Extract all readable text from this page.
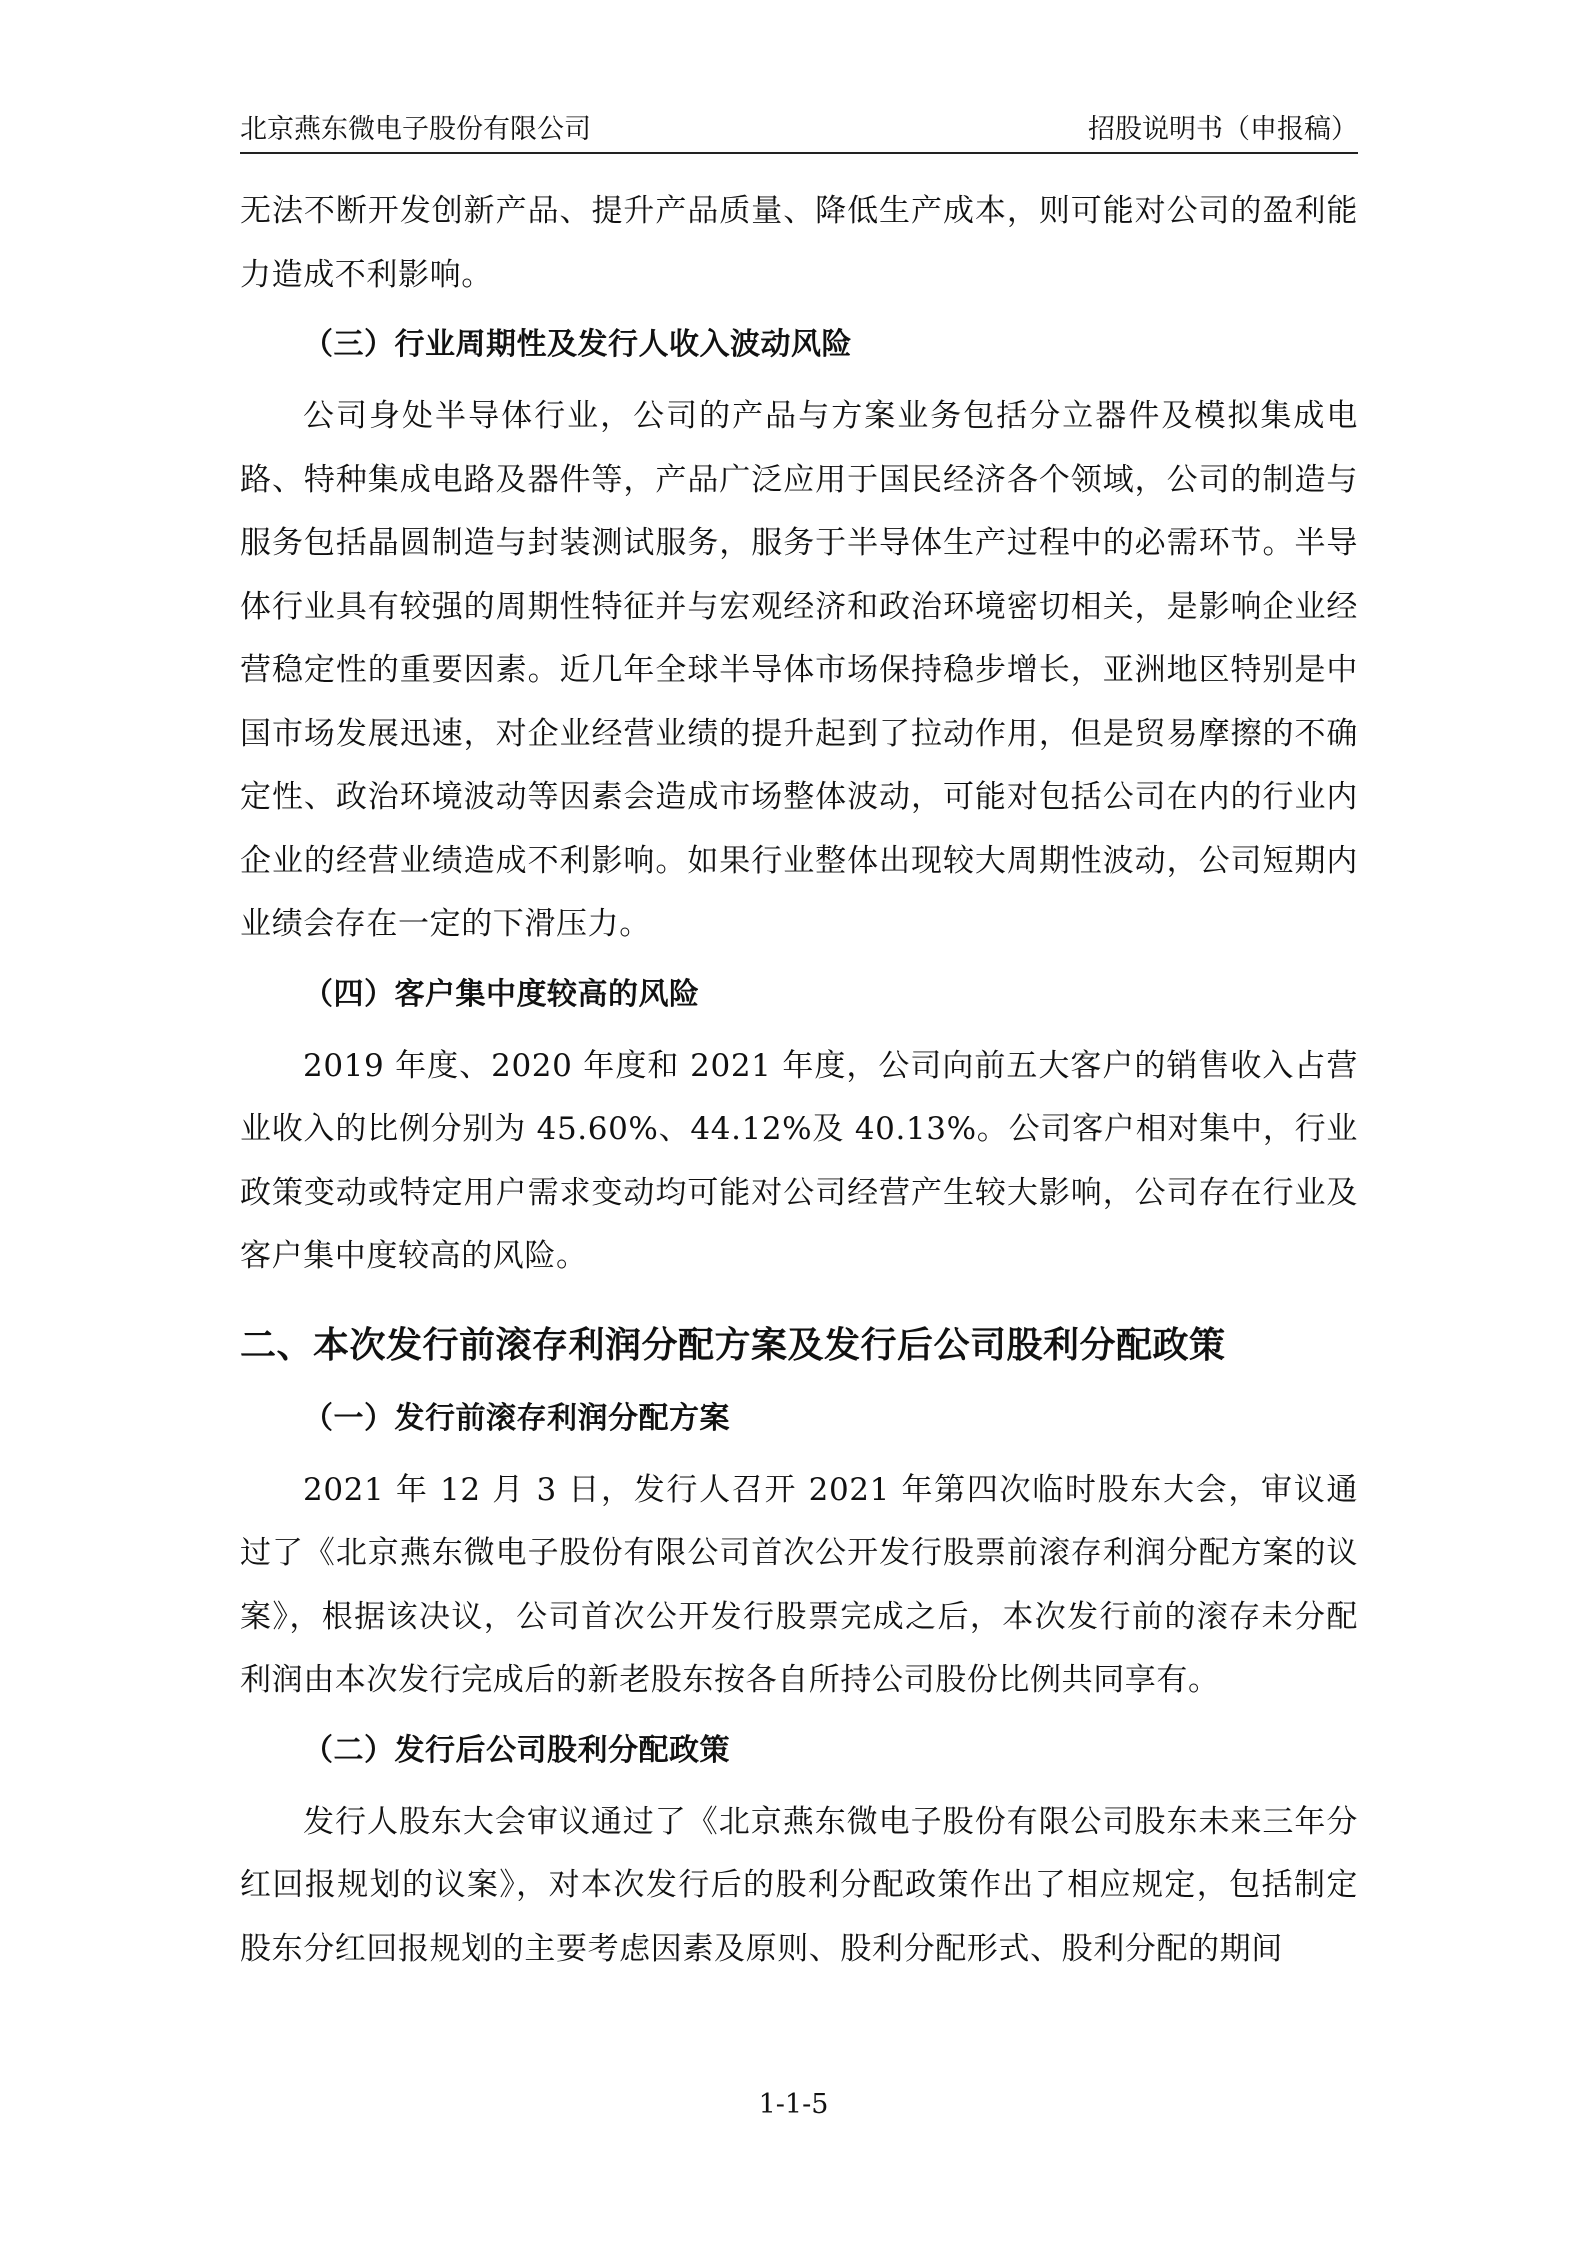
北京燕东微电子股份有限公司	招股说明书（申报稿）

无法不断开发创新产品、提升产品质量、降低生产成本，则可能对公司的盈利能力造成不利影响。

（三）行业周期性及发行人收入波动风险

公司身处半导体行业，公司的产品与方案业务包括分立器件及模拟集成电路、特种集成电路及器件等，产品广泛应用于国民经济各个领域，公司的制造与服务包括晶圆制造与封装测试服务，服务于半导体生产过程中的必需环节。半导体行业具有较强的周期性特征并与宏观经济和政治环境密切相关，是影响企业经营稳定性的重要因素。近几年全球半导体市场保持稳步增长，亚洲地区特别是中国市场发展迅速，对企业经营业绩的提升起到了拉动作用，但是贸易摩擦的不确定性、政治环境波动等因素会造成市场整体波动，可能对包括公司在内的行业内企业的经营业绩造成不利影响。如果行业整体出现较大周期性波动，公司短期内业绩会存在一定的下滑压力。

（四）客户集中度较高的风险

2019 年度、2020 年度和 2021 年度，公司向前五大客户的销售收入占营业收入的比例分别为 45.60%、44.12%及 40.13%。公司客户相对集中，行业政策变动或特定用户需求变动均可能对公司经营产生较大影响，公司存在行业及客户集中度较高的风险。

二、本次发行前滚存利润分配方案及发行后公司股利分配政策
（一）发行前滚存利润分配方案

2021 年 12 月 3 日，发行人召开 2021 年第四次临时股东大会，审议通过了《北京燕东微电子股份有限公司首次公开发行股票前滚存利润分配方案的议案》，根据该决议，公司首次公开发行股票完成之后，本次发行前的滚存未分配利润由本次发行完成后的新老股东按各自所持公司股份比例共同享有。

（二）发行后公司股利分配政策

发行人股东大会审议通过了《北京燕东微电子股份有限公司股东未来三年分红回报规划的议案》，对本次发行后的股利分配政策作出了相应规定，包括制定股东分红回报规划的主要考虑因素及原则、股利分配形式、股利分配的期间

1-1-5
